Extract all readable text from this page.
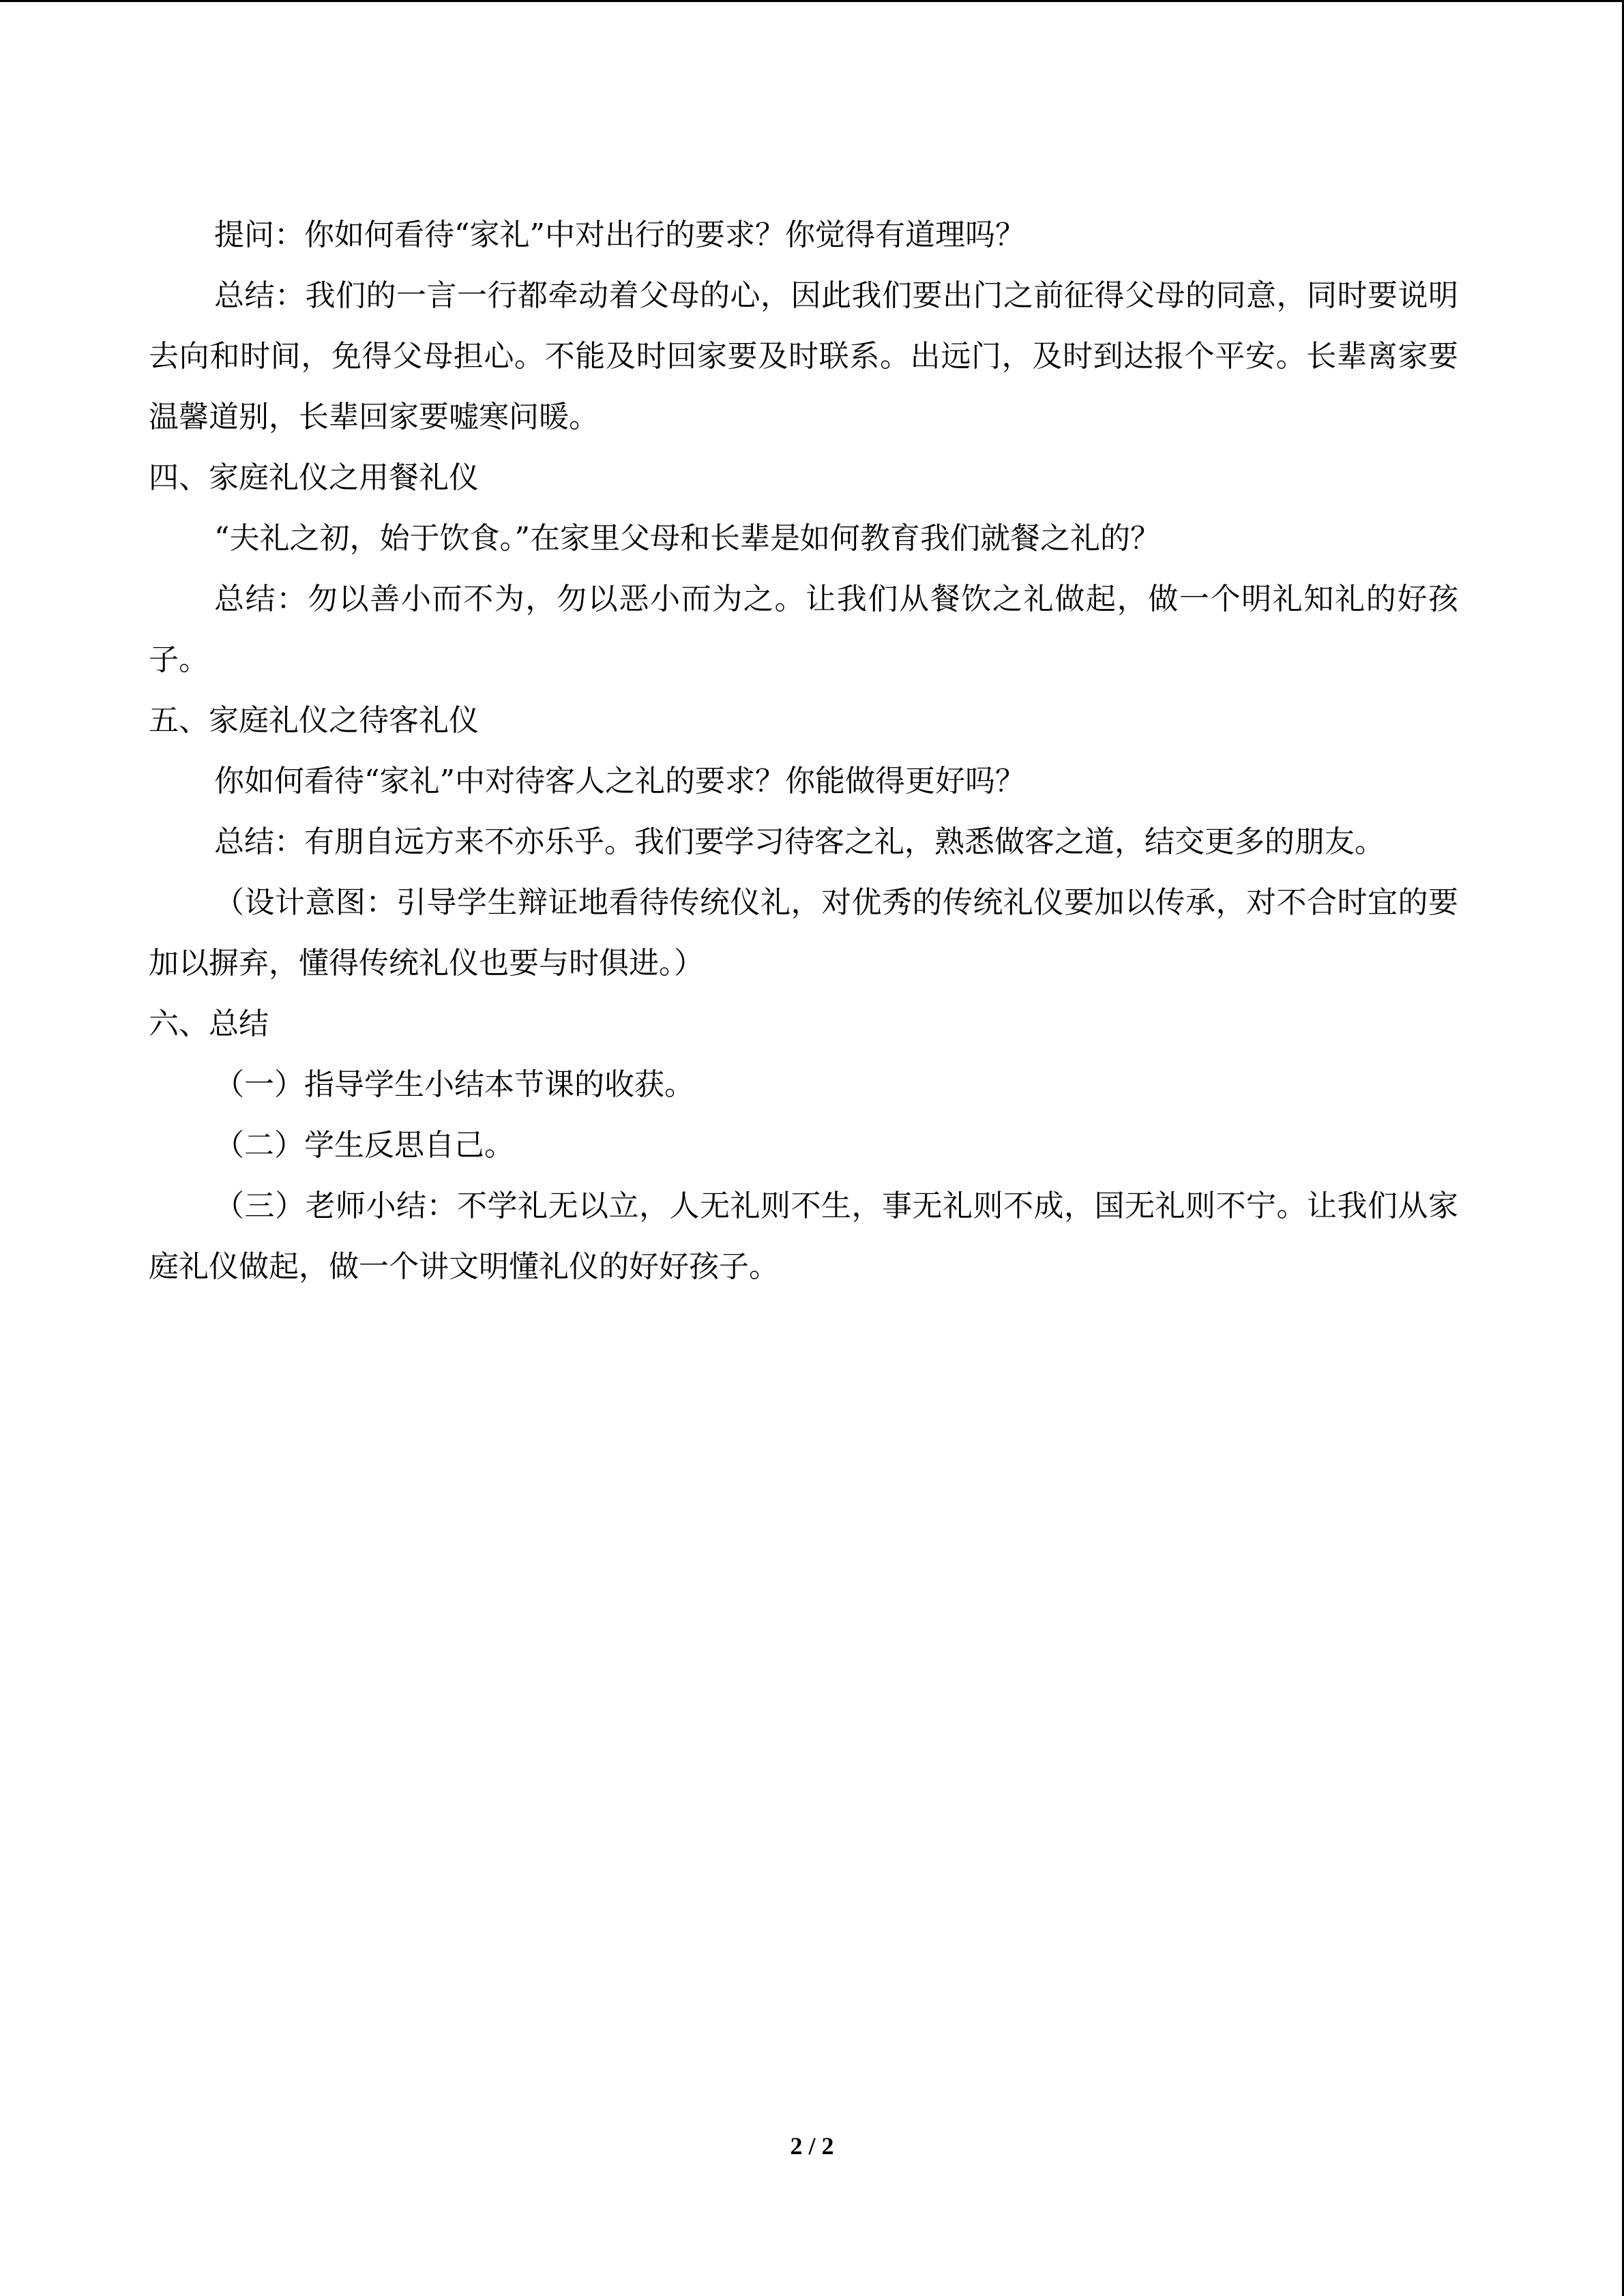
提问：你如何看待“家礼”中对出行的要求？你觉得有道理吗？

总结：我们的一言一行都牵动着父母的心，因此我们要出门之前征得父母的同意，同时要说明去向和时间，免得父母担心。不能及时回家要及时联系。出远门，及时到达报个平安。长辈离家要温馨道别，长辈回家要嘘寒问暖。

四、家庭礼仪之用餐礼仪

“夫礼之初，始于饮食。”在家里父母和长辈是如何教育我们就餐之礼的？

总结：勿以善小而不为，勿以恶小而为之。让我们从餐饮之礼做起，做一个明礼知礼的好孩子。

五、家庭礼仪之待客礼仪

你如何看待“家礼”中对待客人之礼的要求？你能做得更好吗？

总结：有朋自远方来不亦乐乎。我们要学习待客之礼，熟悉做客之道，结交更多的朋友。

（设计意图：引导学生辩证地看待传统仪礼，对优秀的传统礼仪要加以传承，对不合时宜的要加以摒弃，懂得传统礼仪也要与时俱进。）

六、总结

（一）指导学生小结本节课的收获。

（二）学生反思自己。

（三）老师小结：不学礼无以立，人无礼则不生，事无礼则不成，国无礼则不宁。让我们从家庭礼仪做起，做一个讲文明懂礼仪的好好孩子。

2 / 2
